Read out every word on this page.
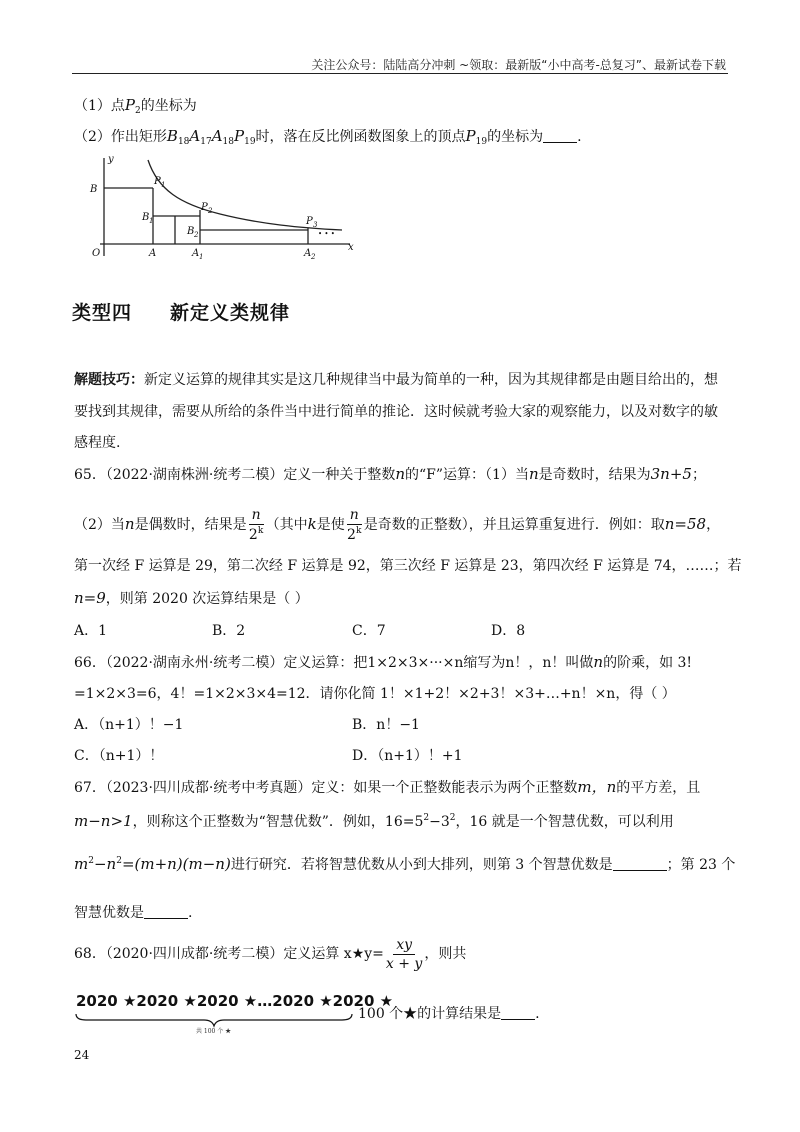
关注公众号：陆陆高分冲刺 ~领取：最新版“小中高考-总复习”、最新试卷下载
（1）点$P_2$的坐标为
（2）作出矩形$B_{18}A_{17}A_{18}P_{19}$时，落在反比例函数图象上的顶点$P_{19}$的坐标为 .
y
x
O
B
B 1
B 2
A	A 1	A 2
P 1
P 2
P 3
• • •
类型四 新定义类规律
解题技巧：新定义运算的规律其实是这几种规律当中最为简单的一种，因为其规律都是由题目给出的，想
要找到其规律，需要从所给的条件当中进行简单的推论．这时候就考验大家的观察能力，以及对数字的敏
感程度.
65．（2022·湖南株洲·统考二模）定义一种关于整数n的“F”运算：（1）当n是奇数时，结果为3n+5；
（2）当n是偶数时，结果是 $\frac{n}{2^k}$ （其中k是使 $\frac{n}{2^k}$ 是奇数的正整数），并且运算重复进行．例如：取n=58，
第一次经 F 运算是 29，第二次经 F 运算是 92，第三次经 F 运算是 23，第四次经 F 运算是 74，……；若
n=9，则第 2020 次运算结果是（ ）
A．1	B．2	C．7	D．8
66．（2022·湖南永州·统考二模）定义运算：把1×2×3×···×n缩写为n！，n！叫做n的阶乘，如 3!
=1×2×3=6，4！=1×2×3×4=12．请你化简 1！×1+2！×2+3！×3+…+n！×n，得（ ）
A．（n+1）！−1	B．n！−1
C．（n+1）！	D．（n+1）！+1
67．（2023·四川成都·统考中考真题）定义：如果一个正整数能表示为两个正整数m，n的平方差，且
m−n>1，则称这个正整数为“智慧优数”．例如，$16=5^2-3^2$，16 就是一个智慧优数，可以利用
$m^2-n^2=(m+n)(m-n)$进行研究．若将智慧优数从小到大排列，则第 3 个智慧优数是	；第 23 个
智慧优数是	.
68．（2020·四川成都·统考二模）定义运算 x★y= $\frac{xy}{x + y}$ ，则共
2020 ★2020 ★2020 ★…2020 ★2020 ★
共 100 个 ★
100 个★的计算结果是 .
24
